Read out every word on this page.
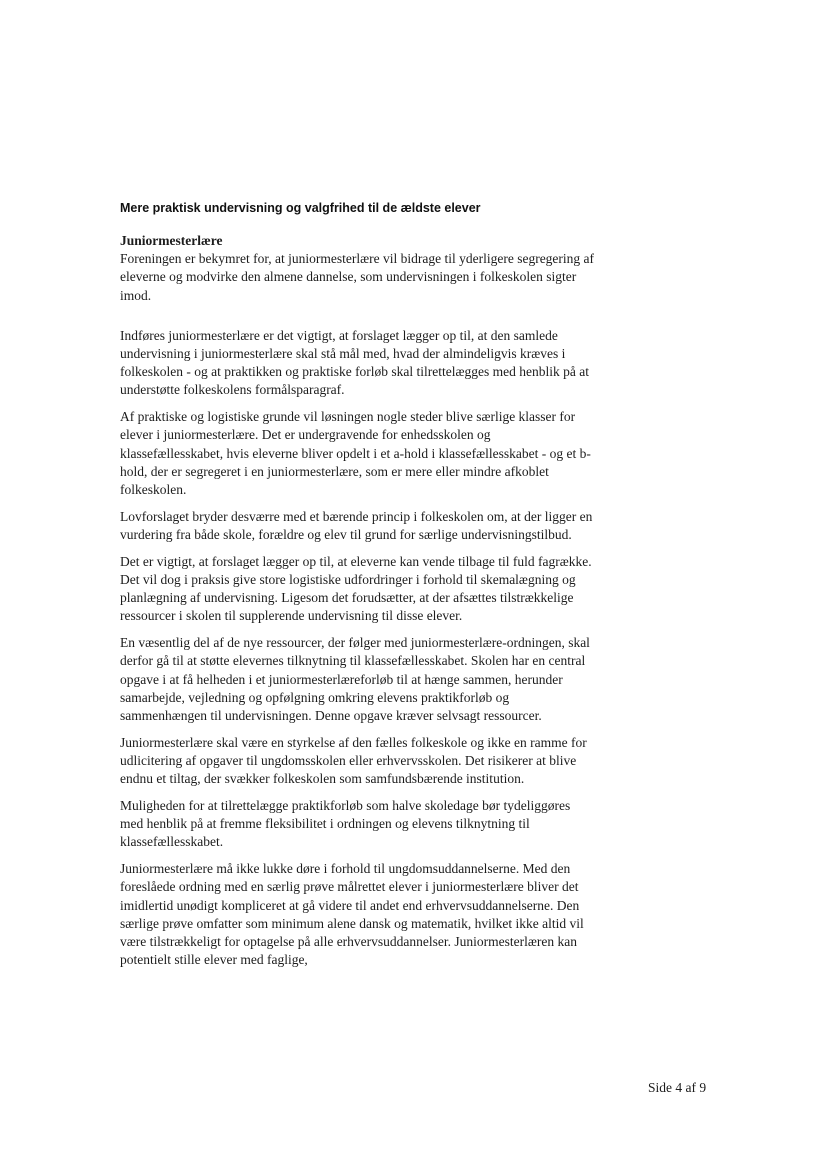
Mere praktisk undervisning og valgfrihed til de ældste elever
Juniormesterlære

Foreningen er bekymret for, at juniormesterlære vil bidrage til yderligere segregering af eleverne og modvirke den almene dannelse, som undervisningen i folkeskolen sigter imod.

Indføres juniormesterlære er det vigtigt, at forslaget lægger op til, at den samlede undervisning i juniormesterlære skal stå mål med, hvad der almindeligvis kræves i folkeskolen - og at praktikken og praktiske forløb skal tilrettelægges med henblik på at understøtte folkeskolens formålsparagraf.

Af praktiske og logistiske grunde vil løsningen nogle steder blive særlige klasser for elever i juniormesterlære. Det er undergravende for enhedsskolen og klassefællesskabet, hvis eleverne bliver opdelt i et a-hold i klassefællesskabet - og et b-hold, der er segregeret i en juniormesterlære, som er mere eller mindre afkoblet folkeskolen.

Lovforslaget bryder desværre med et bærende princip i folkeskolen om, at der ligger en vurdering fra både skole, forældre og elev til grund for særlige undervisningstilbud.

Det er vigtigt, at forslaget lægger op til, at eleverne kan vende tilbage til fuld fagrække. Det vil dog i praksis give store logistiske udfordringer i forhold til skemalægning og planlægning af undervisning. Ligesom det forudsætter, at der afsættes tilstrækkelige ressourcer i skolen til supplerende undervisning til disse elever.

En væsentlig del af de nye ressourcer, der følger med juniormesterlære-ordningen, skal derfor gå til at støtte elevernes tilknytning til klassefællesskabet. Skolen har en central opgave i at få helheden i et juniormesterlæreforløb til at hænge sammen, herunder samarbejde, vejledning og opfølgning omkring elevens praktikforløb og sammenhængen til undervisningen. Denne opgave kræver selvsagt ressourcer.

Juniormesterlære skal være en styrkelse af den fælles folkeskole og ikke en ramme for udlicitering af opgaver til ungdomsskolen eller erhvervsskolen. Det risikerer at blive endnu et tiltag, der svækker folkeskolen som samfundsbærende institution.

Muligheden for at tilrettelægge praktikforløb som halve skoledage bør tydeliggøres med henblik på at fremme fleksibilitet i ordningen og elevens tilknytning til klassefællesskabet.

Juniormesterlære må ikke lukke døre i forhold til ungdomsuddannelserne. Med den foreslåede ordning med en særlig prøve målrettet elever i juniormesterlære bliver det imidlertid unødigt kompliceret at gå videre til andet end erhvervsuddannelserne. Den særlige prøve omfatter som minimum alene dansk og matematik, hvilket ikke altid vil være tilstrækkeligt for optagelse på alle erhvervsuddannelser. Juniormesterlæren kan potentielt stille elever med faglige,

Side 4 af 9
